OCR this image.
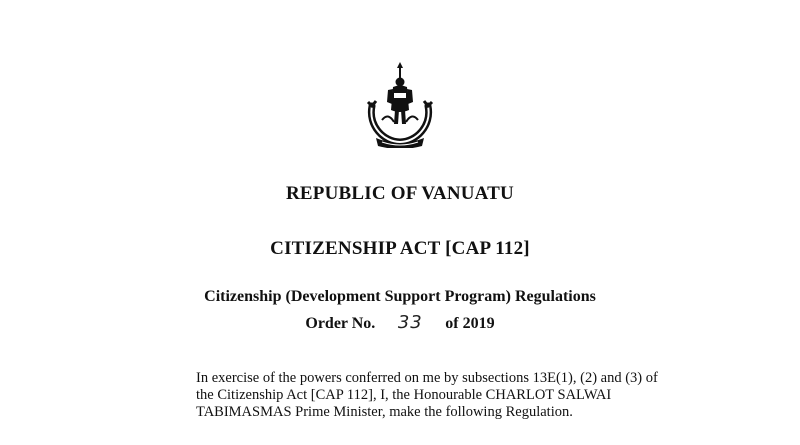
REPUBLIC OF VANUATU
CITIZENSHIP ACT [CAP 112]
Citizenship (Development Support Program) Regulations
Order No.	33	of 2019
In exercise of the powers conferred on me by subsections 13E(1), (2) and (3) of
the Citizenship Act [CAP 112], I, the Honourable CHARLOT SALWAI
TABIMASMAS Prime Minister, make the following Regulation.
